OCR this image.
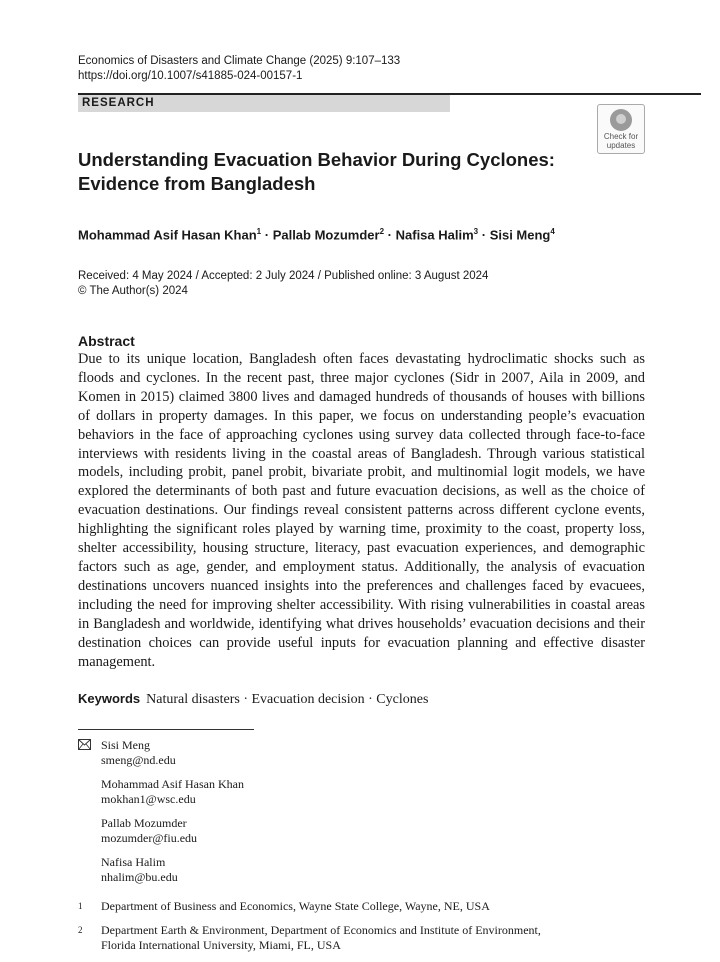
Economics of Disasters and Climate Change (2025) 9:107–133
https://doi.org/10.1007/s41885-024-00157-1
RESEARCH
Check for
updates
Understanding Evacuation Behavior During Cyclones:
Evidence from Bangladesh
Mohammad Asif Hasan Khan$^1$ · Pallab Mozumder$^2$ · Nafisa Halim$^3$ · Sisi Meng$^4$
Received: 4 May 2024 / Accepted: 2 July 2024 / Published online: 3 August 2024
© The Author(s) 2024
Abstract
Due to its unique location, Bangladesh often faces devastating hydroclimatic shocks such as floods and cyclones. In the recent past, three major cyclones (Sidr in 2007, Aila in 2009, and Komen in 2015) claimed 3800 lives and damaged hundreds of thousands of houses with billions of dollars in property damages. In this paper, we focus on understanding people’s evacuation behaviors in the face of approaching cyclones using survey data collected through face-to-face interviews with residents living in the coastal areas of Bangladesh. Through various statistical models, including probit, panel probit, bivariate probit, and multinomial logit models, we have explored the determinants of both past and future evacuation decisions, as well as the choice of evacuation destinations. Our findings reveal consistent patterns across different cyclone events, highlighting the significant roles played by warning time, proximity to the coast, property loss, shelter accessibility, housing structure, literacy, past evacuation experiences, and demographic factors such as age, gender, and employment status. Additionally, the analysis of evacuation destinations uncovers nuanced insights into the preferences and challenges faced by evacuees, including the need for improving shelter accessibility. With rising vulnerabilities in coastal areas in Bangladesh and worldwide, identifying what drives households’ evacuation decisions and their destination choices can provide useful inputs for evacuation planning and effective disaster management.
Keywords Natural disasters · Evacuation decision · Cyclones
Sisi Meng
smeng@nd.edu
Mohammad Asif Hasan Khan
mokhan1@wsc.edu
Pallab Mozumder
mozumder@fiu.edu
Nafisa Halim
nhalim@bu.edu
1	Department of Business and Economics, Wayne State College, Wayne, NE, USA
2	Department Earth & Environment, Department of Economics and Institute of Environment,
Florida International University, Miami, FL, USA
